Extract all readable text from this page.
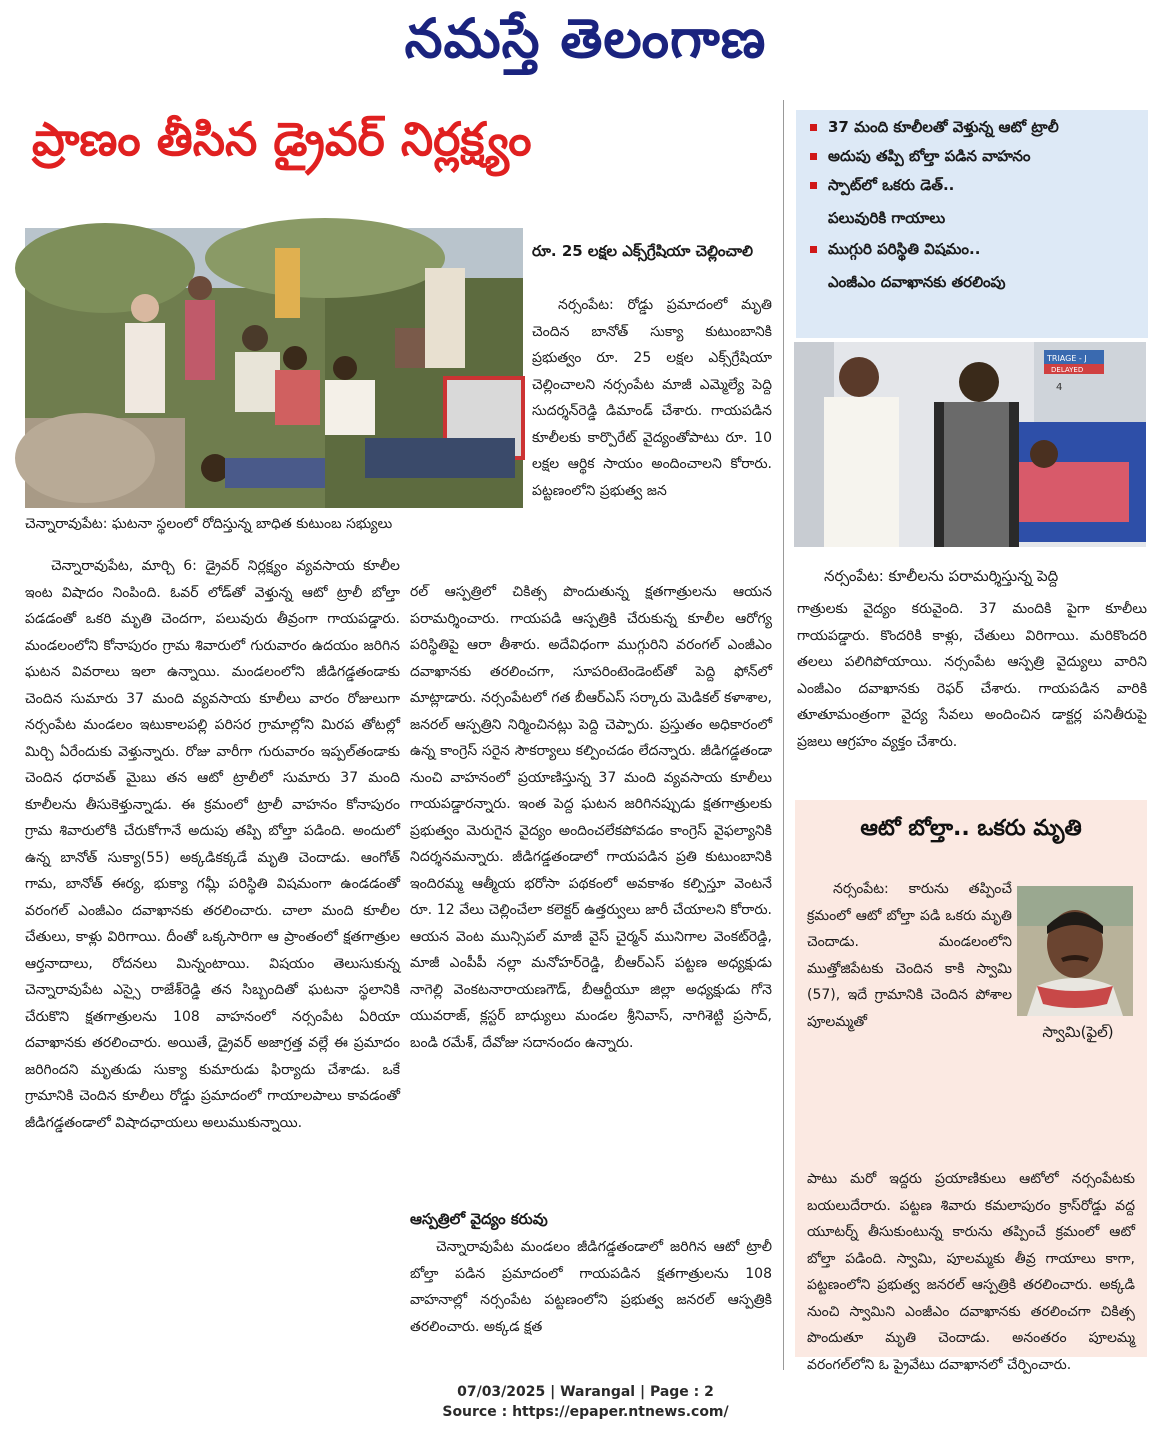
నమస్తే తెలంగాణ
ప్రాణం తీసిన డ్రైవర్ నిర్లక్ష్యం	37 మంది కూలీలతో వెళ్తున్న ఆటో ట్రాలీ
అదుపు తప్పి బోల్తా పడిన వాహనం
స్పాట్‌లో ఒకరు డెత్..
పలువురికి గాయాలు
ముగ్గురి పరిస్థితి విషమం..
ఎంజీఎం దవాఖానకు తరలింపు
చెన్నారావుపేట: ఘటనా స్థలంలో రోదిస్తున్న బాధిత కుటుంబ సభ్యులు
రూ. 25 లక్షల ఎక్స్‌గ్రేషియా చెల్లించాలి

నర్సంపేట: రోడ్డు ప్రమాదంలో మృతి చెందిన బానోత్ సుక్యా కుటుంబానికి ప్రభుత్వం రూ. 25 లక్షల ఎక్స్‌గ్రేషియా చెల్లించాలని నర్సంపేట మాజీ ఎమ్మెల్యే పెద్ది సుదర్శన్‌రెడ్డి డిమాండ్ చేశారు. గాయపడిన కూలీలకు కార్పొరేట్ వైద్యంతోపాటు రూ. 10 లక్షల ఆర్థిక సాయం అందించాలని కోరారు. పట్టణంలోని ప్రభుత్వ జన

చెన్నారావుపేట, మార్చి 6: డ్రైవర్ నిర్లక్ష్యం వ్యవసాయ కూలీల ఇంట విషాదం నింపింది. ఓవర్ లోడ్‌తో వెళ్తున్న ఆటో ట్రాలీ బోల్తా పడడంతో ఒకరి మృతి చెందగా, పలువురు తీవ్రంగా గాయపడ్డారు. మండలంలోని కోనాపురం గ్రామ శివారులో గురువారం ఉదయం జరిగిన ఘటన వివరాలు ఇలా ఉన్నాయి. మండలంలోని జీడిగడ్డతండాకు చెందిన సుమారు 37 మంది వ్యవసాయ కూలీలు వారం రోజులుగా నర్సంపేట మండలం ఇటుకాలపల్లి పరిసర గ్రామాల్లోని మిరప తోటల్లో మిర్చి ఏరేందుకు వెళ్తున్నారు. రోజు వారీగా గురువారం ఇప్పల్‌తండాకు చెందిన ధరావత్ మైబు తన ఆటో ట్రాలీలో సుమారు 37 మంది కూలీలను తీసుకెళ్తున్నాడు. ఈ క్రమంలో ట్రాలీ వాహనం కోనాపురం గ్రామ శివారులోకి చేరుకోగానే అదుపు తప్పి బోల్తా పడింది. అందులో ఉన్న బానోత్ సుక్యా(55) అక్కడికక్కడే మృతి చెందాడు. ఆంగోత్ గామ, బానోత్ ఈర్య, భుక్యా గమ్లీ పరిస్థితి విషమంగా ఉండడంతో వరంగల్ ఎంజీఎం దవాఖానకు తరలించారు. చాలా మంది కూలీల చేతులు, కాళ్లు విరిగాయి. దీంతో ఒక్కసారిగా ఆ ప్రాంతంలో క్షతగాత్రుల ఆర్తనాదాలు, రోదనలు మిన్నంటాయి. విషయం తెలుసుకున్న చెన్నారావుపేట ఎస్సై రాజేశ్‌రెడ్డి తన సిబ్బందితో ఘటనా స్థలానికి చేరుకొని క్షతగాత్రులను 108 వాహనంలో నర్సంపేట ఏరియా దవాఖానకు తరలించారు. అయితే, డ్రైవర్ అజాగ్రత్త వల్లే ఈ ప్రమాదం జరిగిందని మృతుడు సుక్యా కుమారుడు ఫిర్యాదు చేశాడు. ఒకే గ్రామానికి చెందిన కూలీలు రోడ్డు ప్రమాదంలో గాయాలపాలు కావడంతో జీడిగడ్డతండాలో విషాదఛాయలు అలుముకున్నాయి.

రల్ ఆస్పత్రిలో చికిత్స పొందుతున్న క్షతగాత్రులను ఆయన పరామర్శించారు. గాయపడి ఆస్పత్రికి చేరుకున్న కూలీల ఆరోగ్య పరిస్థితిపై ఆరా తీశారు. అదేవిధంగా ముగ్గురిని వరంగల్ ఎంజీఎం దవాఖానకు తరలించగా, సూపరింటెండెంట్‌తో పెద్ది ఫోన్‌లో మాట్లాడారు. నర్సంపేటలో గత బీఆర్‌ఎస్ సర్కారు మెడికల్ కళాశాల, జనరల్ ఆస్పత్రిని నిర్మించినట్లు పెద్ది చెప్పారు. ప్రస్తుతం అధికారంలో ఉన్న కాంగ్రెస్ సరైన సౌకర్యాలు కల్పించడం లేదన్నారు. జీడిగడ్డతండా నుంచి వాహనంలో ప్రయాణిస్తున్న 37 మంది వ్యవసాయ కూలీలు గాయపడ్డారన్నారు. ఇంత పెద్ద ఘటన జరిగినప్పుడు క్షతగాత్రులకు ప్రభుత్వం మెరుగైన వైద్యం అందించలేకపోవడం కాంగ్రెస్ వైఫల్యానికి నిదర్శనమన్నారు. జీడిగడ్డతండాలో గాయపడిన ప్రతి కుటుంబానికి ఇందిరమ్మ ఆత్మీయ భరోసా పథకంలో అవకాశం కల్పిస్తూ వెంటనే రూ. 12 వేలు చెల్లించేలా కలెక్టర్ ఉత్తర్వులు జారీ చేయాలని కోరారు. ఆయన వెంట మున్సిపల్ మాజీ వైస్ చైర్మన్ మునిగాల వెంకట్‌రెడ్డి, మాజీ ఎంపీపీ నల్లా మనోహర్‌రెడ్డి, బీఆర్‌ఎస్ పట్టణ అధ్యక్షుడు నాగెల్లి వెంకటనారాయణగౌడ్, బీఆర్టీయూ జిల్లా అధ్యక్షుడు గోనె యువరాజ్, క్లస్టర్ బాధ్యులు మండల శ్రీనివాస్, నాగిశెట్టి ప్రసాద్, బండి రమేశ్, దేవోజు సదానందం ఉన్నారు.

ఆస్పత్రిలో వైద్యం కరువు

చెన్నారావుపేట మండలం జీడిగడ్డతండాలో జరిగిన ఆటో ట్రాలీ బోల్తా పడిన ప్రమాదంలో గాయపడిన క్షతగాత్రులను 108 వాహనాల్లో నర్సంపేట పట్టణంలోని ప్రభుత్వ జనరల్ ఆస్పత్రికి తరలించారు. అక్కడ క్షత

TRIAGE - J
DELAYED
4
నర్సంపేట: కూలీలను పరామర్శిస్తున్న పెద్ది

గాత్రులకు వైద్యం కరువైంది. 37 మందికి పైగా కూలీలు గాయపడ్డారు. కొందరికి కాళ్లు, చేతులు విరిగాయి. మరికొందరి తలలు పలిగిపోయాయి. నర్సంపేట ఆస్పత్రి వైద్యులు వారిని ఎంజీఎం దవాఖానకు రెఫర్ చేశారు. గాయపడిన వారికి తూతూమంత్రంగా వైద్య సేవలు అందించిన డాక్టర్ల పనితీరుపై ప్రజలు ఆగ్రహం వ్యక్తం చేశారు.

ఆటో బోల్తా.. ఒకరు మృతి

నర్సంపేట: కారును తప్పించే క్రమంలో ఆటో బోల్తా పడి ఒకరు మృతి చెందాడు. మండలంలోని ముత్తోజిపేటకు చెందిన కాకి స్వామి (57), ఇదే గ్రామానికి చెందిన పోశాల పూలమ్మతో

స్వామి(ఫైల్)

పాటు మరో ఇద్దరు ప్రయాణికులు ఆటోలో నర్సంపేటకు బయలుదేరారు. పట్టణ శివారు కమలాపురం క్రాస్‌రోడ్డు వద్ద యూటర్న్ తీసుకుంటున్న కారును తప్పించే క్రమంలో ఆటో బోల్తా పడింది. స్వామి, పూలమ్మకు తీవ్ర గాయాలు కాగా, పట్టణంలోని ప్రభుత్వ జనరల్ ఆస్పత్రికి తరలించారు. అక్కడి నుంచి స్వామిని ఎంజీఎం దవాఖానకు తరలించగా చికిత్స పొందుతూ మృతి చెందాడు. అనంతరం పూలమ్మ వరంగల్‌లోని ఓ ప్రైవేటు దవాఖానలో చేర్పించారు.

07/03/2025 | Warangal | Page : 2
Source : https://epaper.ntnews.com/
